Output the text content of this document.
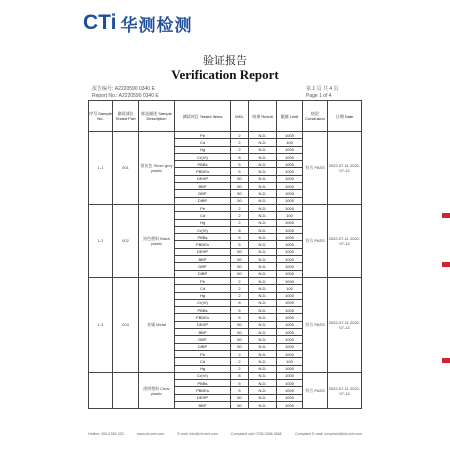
CTi 华测检测
验证报告
Verification Report
报告编号: A2220590 0340 E
Report No.: A2220590 0340 E
第 1 页 共 4 页
Page 1 of 4
序号 Sample No.	测试部位 Tested Part	样品描述 Sample Description	测试项目 Tested Items	MDL	结果 Result	限值 Limit	结论 Conclusion	日期 Date
1-1	001	银灰色 Silver-grey plastic	Pb	2	N.D.	1000	符合 PASS	2022-07-11 2022-07-13
			Cd	2	N.D.	100		
			Hg	2	N.D.	1000		
			Cr(VI)	8	N.D.	1000		
			PBBs	5	N.D.	1000		
			PBDEs	5	N.D.	1000		
			DEHP	50	N.D.	1000		
			BBP	50	N.D.	1000		
			DBP	50	N.D.	1000		
			DIBP	50	N.D.	1000		
1-2	002	黑色塑料 Black plastic	Pb	2	N.D.	1000	符合 PASS	2022-07-11 2022-07-13
			Cd	2	N.D.	100		
			Hg	2	N.D.	1000		
			Cr(VI)	8	N.D.	1000		
			PBBs	5	N.D.	1000		
			PBDEs	5	N.D.	1000		
			DEHP	50	N.D.	1000		
			BBP	50	N.D.	1000		
			DBP	50	N.D.	1000		
			DIBP	50	N.D.	1000		
1-3	003	金属 Metal	Pb	2	N.D.	1000	符合 PASS	2022-07-11 2022-07-13
			Cd	2	N.D.	100		
			Hg	2	N.D.	1000		
			Cr(VI)	8	N.D.	1000		
			PBBs	5	N.D.	1000		
			PBDEs	5	N.D.	1000		
			DEHP	50	N.D.	1000		
			BBP	50	N.D.	1000		
			DBP	50	N.D.	1000		
			DIBP	50	N.D.	1000		
			Pb	2	N.D.	1000		
			Cd	2	N.D.	100		
			Hg	2	N.D.	1000		
		透明塑料 Clear plastic	Cr(VI)	8	N.D.	1000	符合 PASS	2022-07-11 2022-07-13
			PBBs	5	N.D.	1000		
			PBDEs	5	N.D.	1000		
			DEHP	50	N.D.	1000		
			BBP	50	N.D.	1000		
Hotline: 400-6788-333	www.cti-cert.com	E-mail: info@cti-cert.com	Complaint call: 0755-3368 3666	Complaint E-mail: complaint@cti-cert.com
